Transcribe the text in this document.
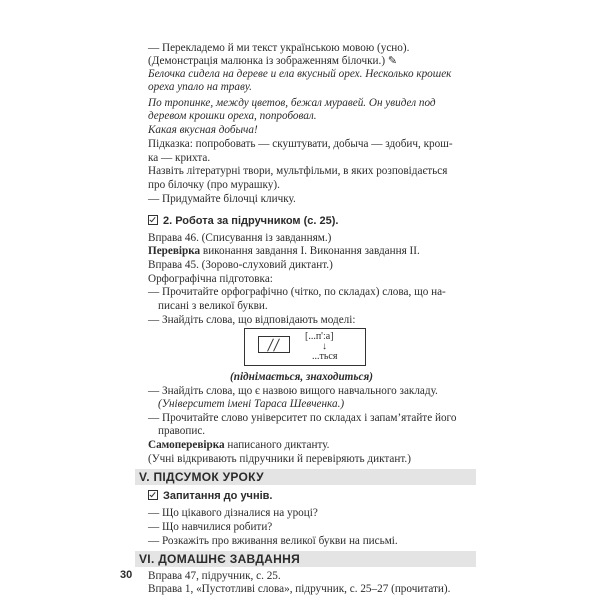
— Перекладемо й ми текст українською мовою (усно).
(Демонстрація малюнка із зображенням білочки.) ✎
Белочка сидела на дереве и ела вкусный орех. Несколько крошек
ореха упало на траву.
По тропинке, между цветов, бежал муравей. Он увидел под
деревом крошки ореха, попробовал.
Какая вкусная добыча!
Підказка: попробовать — скуштувати, добыча — здобич, крош-
ка — крихта.
Назвіть літературні твори, мультфільми, в яких розповідається
про білочку (про мурашку).
— Придумайте білочці кличку.
2. Робота за підручником (с. 25).
Вправа 46. (Списування із завданням.)
Перевірка виконання завдання I. Виконання завдання II.
Вправа 45. (Зорово-слуховий диктант.)
Орфографічна підготовка:
— Прочитайте орфографічно (чітко, по складах) слова, що на-
писані з великої букви.
— Знайдіть слова, що відповідають моделі:
[...п'ːа]
↓
...ться
(піднімається, знаходиться)
— Знайдіть слова, що є назвою вищого навчального закладу.
(Університет імені Тараса Шевченка.)
— Прочитайте слово університет по складах і запам’ятайте його
правопис.
Самоперевірка написаного диктанту.
(Учні відкривають підручники й перевіряють диктант.)
V. ПІДСУМОК УРОКУ
Запитання до учнів.
— Що цікавого дізналися на уроці?
— Що навчилися робити?
— Розкажіть про вживання великої букви на письмі.
VI. ДОМАШНЄ ЗАВДАННЯ
Вправа 47, підручник, с. 25.
Вправа 1, «Пустотливі слова», підручник, с. 25–27 (прочитати).
30
